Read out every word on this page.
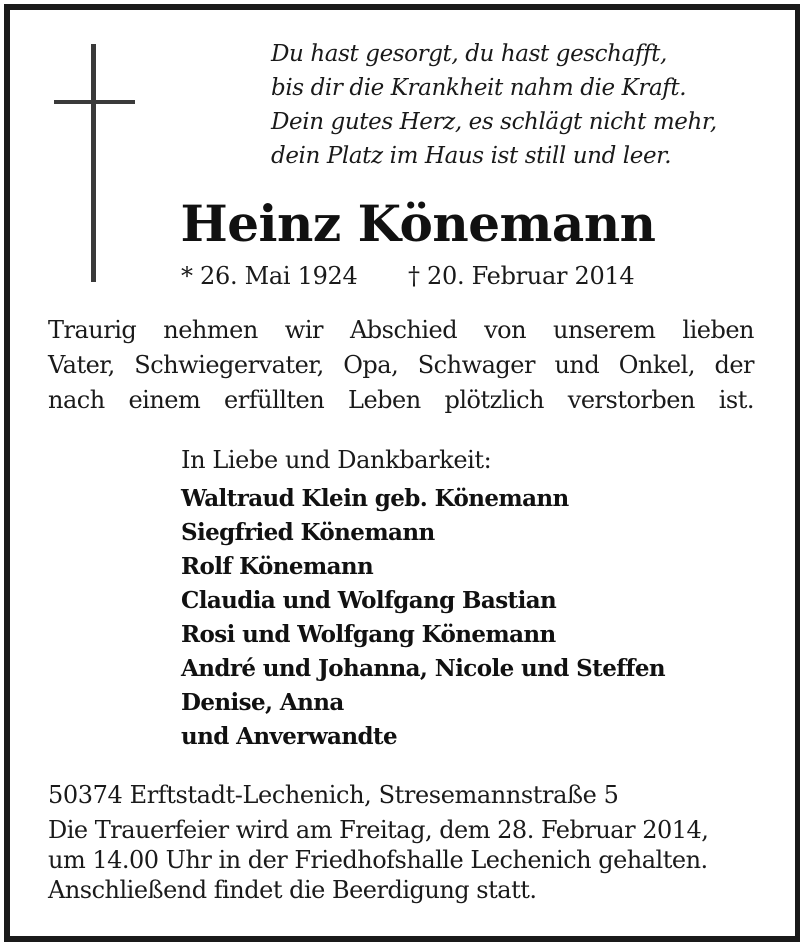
Du hast gesorgt, du hast geschafft,
bis dir die Krankheit nahm die Kraft.
Dein gutes Herz, es schlägt nicht mehr,
dein Platz im Haus ist still und leer.
Heinz Könemann
* 26. Mai 1924 † 20. Februar 2014
Traurig nehmen wir Abschied von unserem lieben
Vater, Schwiegervater, Opa, Schwager und Onkel, der
nach einem erfüllten Leben plötzlich verstorben ist.
In Liebe und Dankbarkeit:
Waltraud Klein geb. Könemann
Siegfried Könemann
Rolf Könemann
Claudia und Wolfgang Bastian
Rosi und Wolfgang Könemann
André und Johanna, Nicole und Steffen
Denise, Anna
und Anverwandte
50374 Erftstadt-Lechenich, Stresemannstraße 5
Die Trauerfeier wird am Freitag, dem 28. Februar 2014,
um 14.00 Uhr in der Friedhofshalle Lechenich gehalten.
Anschließend findet die Beerdigung statt.
